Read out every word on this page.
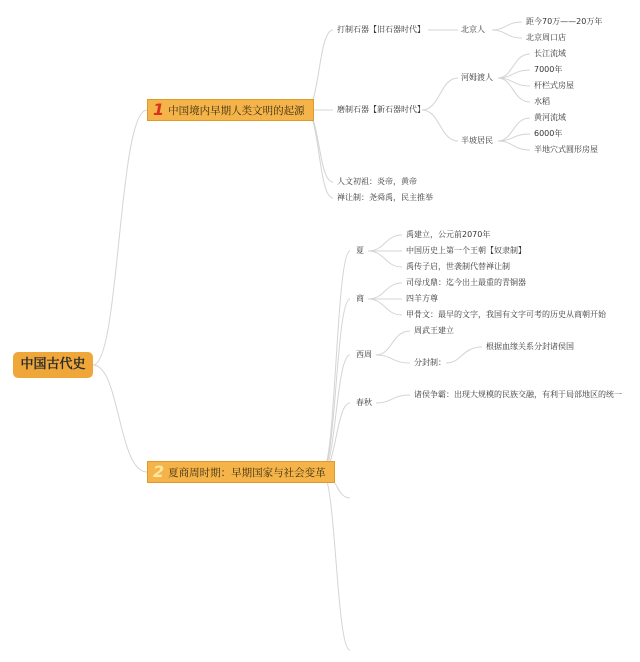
中国古代史
1 中国境内早期人类文明的起源
打制石器【旧石器时代】	北京人
距今70万——20万年
北京周口店
磨制石器【新石器时代】
河姆渡人
长江流域
7000年
杆栏式房屋
水稻
半坡居民
黄河流域
6000年
半地穴式圆形房屋
人文初祖：炎帝，黄帝
禅让制：尧舜禹，民主推举
2 夏商周时期：早期国家与社会变革
夏
禹建立，公元前2070年
中国历史上第一个王朝【奴隶制】
禹传子启，世袭制代替禅让制
商
司母戊鼎：迄今出土最重的青铜器
四羊方尊
甲骨文：最早的文字，我国有文字可考的历史从商朝开始
西周
周武王建立
分封制：
根据血缘关系分封诸侯国
春秋
诸侯争霸：出现大规模的民族交融，有利于局部地区的统一
